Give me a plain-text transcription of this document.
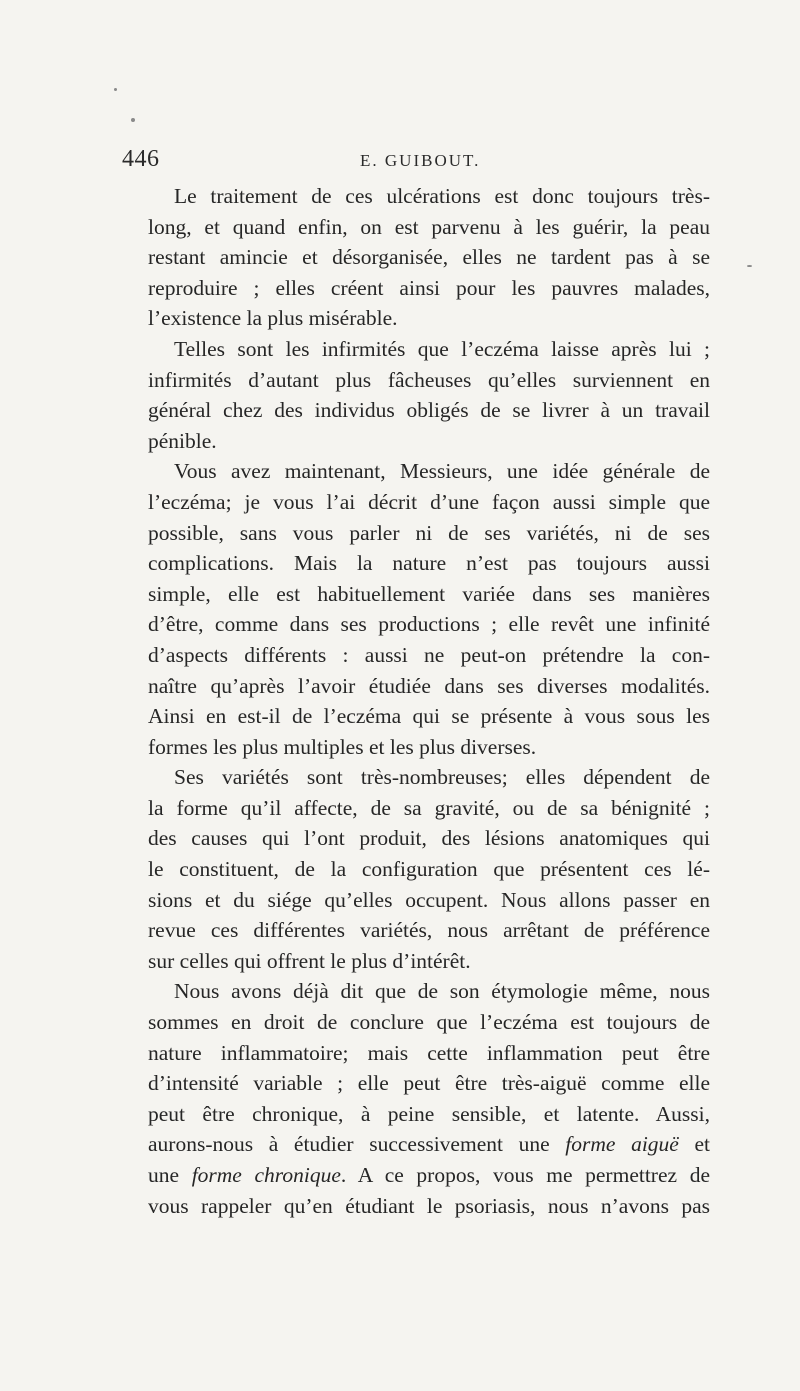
446	E. GUIBOUT.

Le traitement de ces ulcérations est donc toujours très-
long, et quand enfin, on est parvenu à les guérir, la peau
restant amincie et désorganisée, elles ne tardent pas à se
reproduire ; elles créent ainsi pour les pauvres malades,
l’existence la plus misérable.

Telles sont les infirmités que l’eczéma laisse après lui ;
infirmités d’autant plus fâcheuses qu’elles surviennent en
général chez des individus obligés de se livrer à un travail
pénible.

Vous avez maintenant, Messieurs, une idée générale de
l’eczéma; je vous l’ai décrit d’une façon aussi simple que
possible, sans vous parler ni de ses variétés, ni de ses
complications. Mais la nature n’est pas toujours aussi
simple, elle est habituellement variée dans ses manières
d’être, comme dans ses productions ; elle revêt une infinité
d’aspects différents : aussi ne peut-on prétendre la con-
naître qu’après l’avoir étudiée dans ses diverses modalités.
Ainsi en est-il de l’eczéma qui se présente à vous sous les
formes les plus multiples et les plus diverses.

Ses variétés sont très-nombreuses; elles dépendent de
la forme qu’il affecte, de sa gravité, ou de sa bénignité ;
des causes qui l’ont produit, des lésions anatomiques qui
le constituent, de la configuration que présentent ces lé-
sions et du siége qu’elles occupent. Nous allons passer en
revue ces différentes variétés, nous arrêtant de préférence
sur celles qui offrent le plus d’intérêt.

Nous avons déjà dit que de son étymologie même, nous
sommes en droit de conclure que l’eczéma est toujours de
nature inflammatoire; mais cette inflammation peut être
d’intensité variable ; elle peut être très-aiguë comme elle
peut être chronique, à peine sensible, et latente. Aussi,
aurons-nous à étudier successivement une forme aiguë et
une forme chronique. A ce propos, vous me permettrez de
vous rappeler qu’en étudiant le psoriasis, nous n’avons pas
